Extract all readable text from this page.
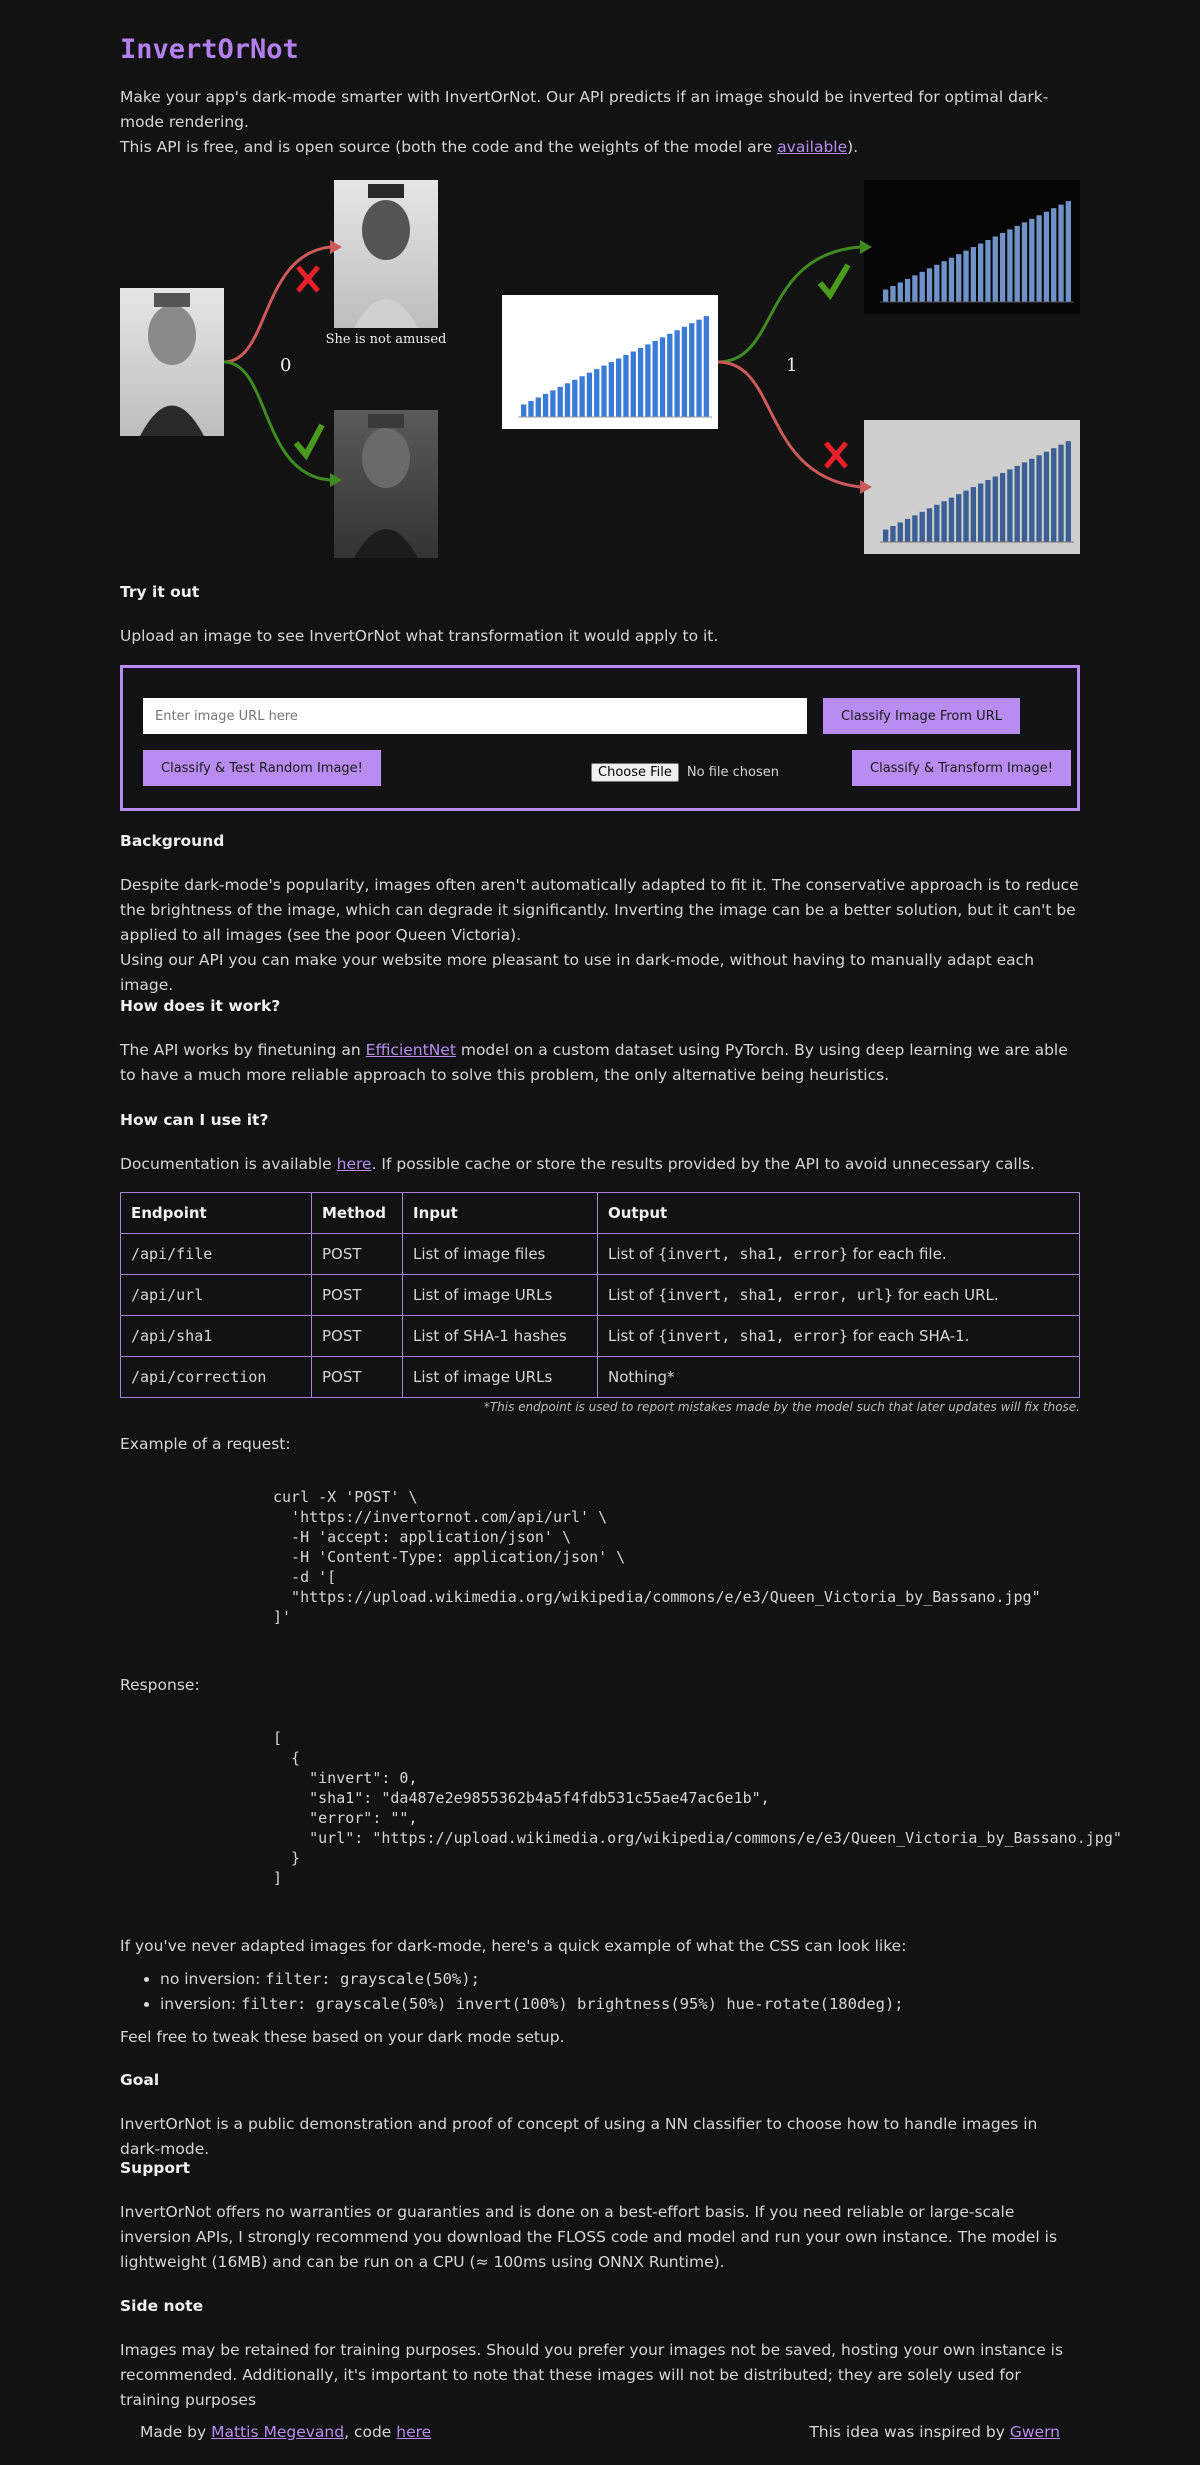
InvertOrNot

Make your app's dark-mode smarter with InvertOrNot. Our API predicts if an image should be inverted for optimal dark-mode rendering.

This API is free, and is open source (both the code and the weights of the model are available).

She is not amused
0	1
Try it out

Upload an image to see InvertOrNot what transformation it would apply to it.

Enter image URL here
Classify Image From URL
Classify & Test Random Image!	Choose File	No file chosen	Classify & Transform Image!
Background

Despite dark-mode's popularity, images often aren't automatically adapted to fit it. The conservative approach is to reduce the brightness of the image, which can degrade it significantly. Inverting the image can be a better solution, but it can't be applied to all images (see the poor Queen Victoria).

Using our API you can make your website more pleasant to use in dark-mode, without having to manually adapt each image.

How does it work?

The API works by finetuning an EfficientNet model on a custom dataset using PyTorch. By using deep learning we are able to have a much more reliable approach to solve this problem, the only alternative being heuristics.

How can I use it?

Documentation is available here. If possible cache or store the results provided by the API to avoid unnecessary calls.

Endpoint	Method	Input	Output
/api/file	POST	List of image files	List of {invert, sha1, error} for each file.
/api/url	POST	List of image URLs	List of {invert, sha1, error, url} for each URL.
/api/sha1	POST	List of SHA-1 hashes	List of {invert, sha1, error} for each SHA-1.
/api/correction	POST	List of image URLs	Nothing*
*This endpoint is used to report mistakes made by the model such that later updates will fix those.

Example of a request:

curl -X 'POST' \
'https://invertornot.com/api/url' \
-H 'accept: application/json' \
-H 'Content-Type: application/json' \
-d '[
"https://upload.wikimedia.org/wikipedia/commons/e/e3/Queen_Victoria_by_Bassano.jpg"
]'

Response:

[
{
"invert": 0,
"sha1": "da487e2e9855362b4a5f4fdb531c55ae47ac6e1b",
"error": "",
"url": "https://upload.wikimedia.org/wikipedia/commons/e/e3/Queen_Victoria_by_Bassano.jpg"
}
]

If you've never adapted images for dark-mode, here's a quick example of what the CSS can look like:

• no inversion: filter: grayscale(50%);
• inversion: filter: grayscale(50%) invert(100%) brightness(95%) hue-rotate(180deg);

Feel free to tweak these based on your dark mode setup.

Goal

InvertOrNot is a public demonstration and proof of concept of using a NN classifier to choose how to handle images in dark-mode.

Support

InvertOrNot offers no warranties or guaranties and is done on a best-effort basis. If you need reliable or large-scale inversion APIs, I strongly recommend you download the FLOSS code and model and run your own instance. The model is lightweight (16MB) and can be run on a CPU (≈ 100ms using ONNX Runtime).

Side note

Images may be retained for training purposes. Should you prefer your images not be saved, hosting your own instance is recommended. Additionally, it's important to note that these images will not be distributed; they are solely used for training purposes

Made by Mattis Megevand, code here	This idea was inspired by Gwern
